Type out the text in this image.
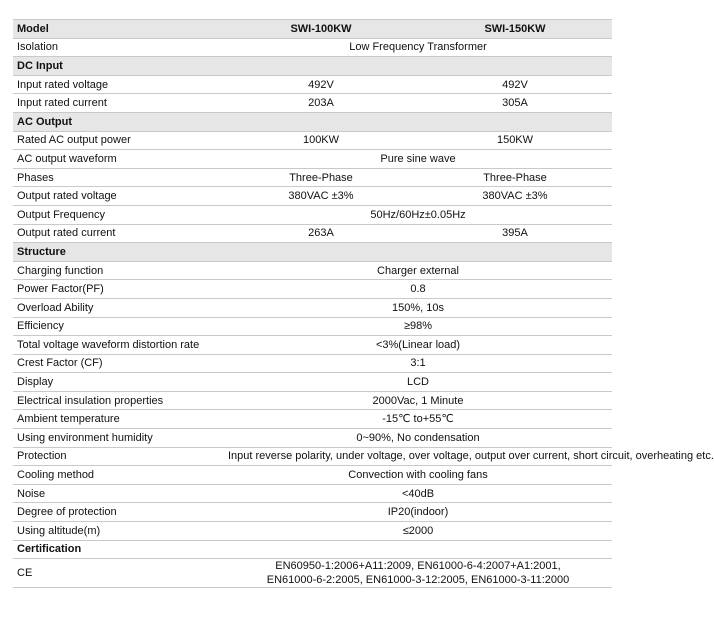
Model	SWI-100KW	SWI-150KW
Isolation	Low Frequency Transformer	
DC Input		
Input rated voltage	492V	492V
Input rated current	203A	305A
AC Output		
Rated AC output power	100KW	150KW
AC output waveform	Pure sine wave	
Phases	Three-Phase	Three-Phase
Output rated voltage	380VAC ±3%	380VAC ±3%
Output Frequency	50Hz/60Hz±0.05Hz	
Output rated current	263A	395A
Structure		
Charging function	Charger external	
Power Factor(PF)	0.8	
Overload Ability	150%, 10s	
Efficiency	≥98%	
Total voltage waveform distortion rate	<3%(Linear load)	
Crest Factor (CF)	3:1	
Display	LCD	
Electrical insulation properties	2000Vac, 1 Minute	
Ambient temperature	-15℃ to+55℃	
Using environment humidity	0~90%, No condensation	
Protection	Input reverse polarity, under voltage, over voltage, output over current, short circuit, overheating etc.	
Cooling method	Convection with cooling fans	
Noise	<40dB	
Degree of protection	IP20(indoor)	
Using altitude(m)	≤2000	
Certification		
CE	EN60950-1:2006+A11:2009, EN61000-6-4:2007+A1:2001,
EN61000-6-2:2005, EN61000-3-12:2005, EN61000-3-11:2000	
